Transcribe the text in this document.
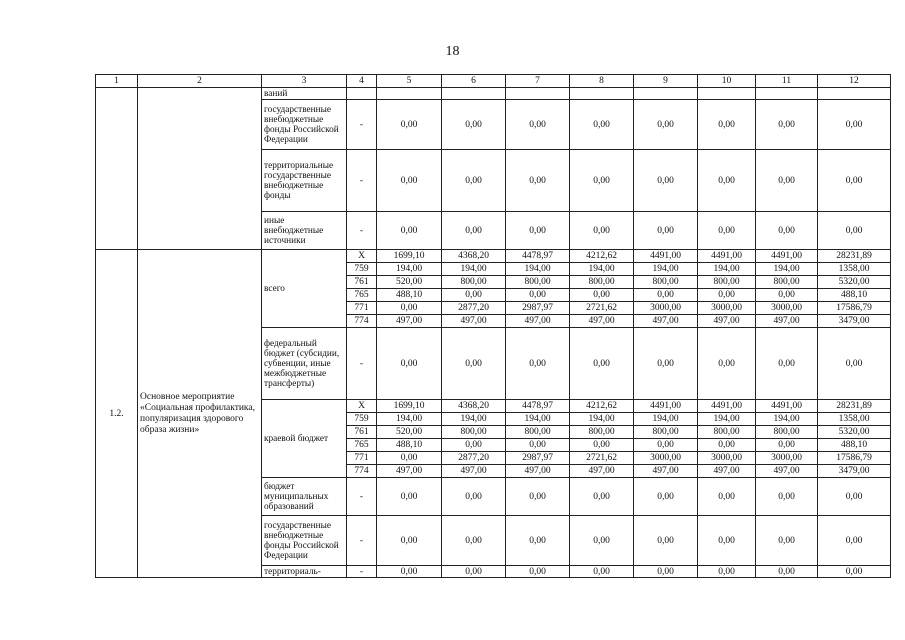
18
1	2	3	4	5	6	7	8	9	10	11	12
		ваний									
		государственные внебюджетные фонды Российской Федерации	-	0,00	0,00	0,00	0,00	0,00	0,00	0,00	0,00
		территориальные государственные внебюджетные фонды	-	0,00	0,00	0,00	0,00	0,00	0,00	0,00	0,00
		иные внебюджетные источники	-	0,00	0,00	0,00	0,00	0,00	0,00	0,00	0,00
1.2.	Основное мероприятие «Социальная профилактика, популяризация здорового образа жизни»	всего	X	1699,10	4368,20	4478,97	4212,62	4491,00	4491,00	4491,00	28231,89
			759	194,00	194,00	194,00	194,00	194,00	194,00	194,00	1358,00
			761	520,00	800,00	800,00	800,00	800,00	800,00	800,00	5320,00
			765	488,10	0,00	0,00	0,00	0,00	0,00	0,00	488,10
			771	0,00	2877,20	2987,97	2721,62	3000,00	3000,00	3000,00	17586,79
			774	497,00	497,00	497,00	497,00	497,00	497,00	497,00	3479,00
		федеральный бюджет (субсидии, субвенции, иные межбюджетные трансферты)	-	0,00	0,00	0,00	0,00	0,00	0,00	0,00	0,00
		краевой бюджет	X	1699,10	4368,20	4478,97	4212,62	4491,00	4491,00	4491,00	28231,89
			759	194,00	194,00	194,00	194,00	194,00	194,00	194,00	1358,00
			761	520,00	800,00	800,00	800,00	800,00	800,00	800,00	5320,00
			765	488,10	0,00	0,00	0,00	0,00	0,00	0,00	488,10
			771	0,00	2877,20	2987,97	2721,62	3000,00	3000,00	3000,00	17586,79
			774	497,00	497,00	497,00	497,00	497,00	497,00	497,00	3479,00
		бюджет муниципальных образований	-	0,00	0,00	0,00	0,00	0,00	0,00	0,00	0,00
		государственные внебюджетные фонды Российской Федерации	-	0,00	0,00	0,00	0,00	0,00	0,00	0,00	0,00
		территориаль-	-	0,00	0,00	0,00	0,00	0,00	0,00	0,00	0,00
